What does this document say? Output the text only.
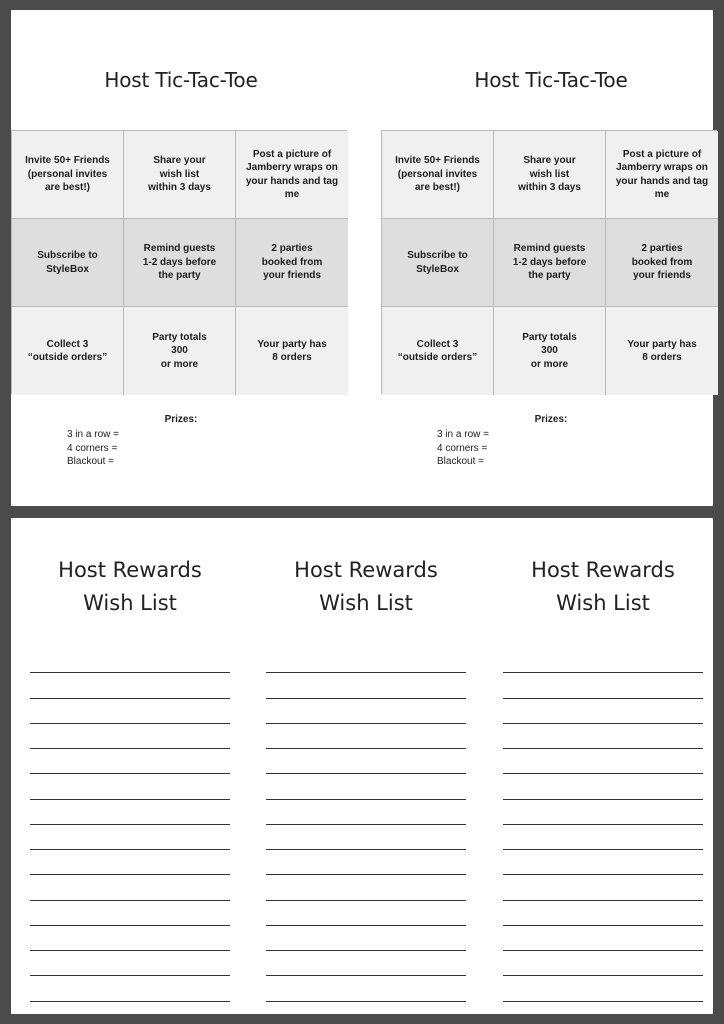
Host Tic-Tac-Toe
Invite 50+ Friends
(personal invites
are best!)
Share your
wish list
within 3 days
Post a picture of
Jamberry wraps on
your hands and tag
me
Subscribe to
StyleBox
Remind guests
1-2 days before
the party
2 parties
booked from
your friends
Collect 3
“outside orders”
Party totals
300
or more
Your party has
8 orders
Prizes:
3 in a row =
4 corners =
Blackout =
Host Tic-Tac-Toe
Invite 50+ Friends
(personal invites
are best!)
Share your
wish list
within 3 days
Post a picture of
Jamberry wraps on
your hands and tag
me
Subscribe to
StyleBox
Remind guests
1-2 days before
the party
2 parties
booked from
your friends
Collect 3
“outside orders”
Party totals
300
or more
Your party has
8 orders
Prizes:
3 in a row =
4 corners =
Blackout =
Host Rewards
Wish List
Host Rewards
Wish List
Host Rewards
Wish List
